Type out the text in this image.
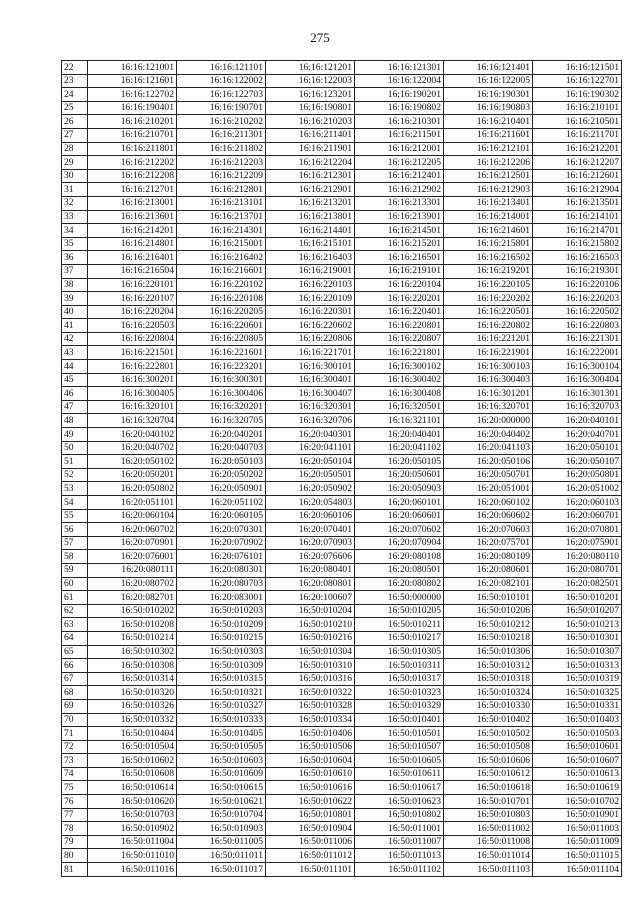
275
22	16:16:121001	16:16:121101	16:16:121201	16:16:121301	16:16:121401	16:16:121501
23	16:16:121601	16:16:122002	16:16:122003	16:16:122004	16:16:122005	16:16:122701
24	16:16:122702	16:16:122703	16:16:123201	16:16:190201	16:16:190301	16:16:190302
25	16:16:190401	16:16:190701	16:16:190801	16:16:190802	16:16:190803	16:16:210101
26	16:16:210201	16:16:210202	16:16:210203	16:16:210301	16:16:210401	16:16:210501
27	16:16:210701	16:16:211301	16:16:211401	16:16:211501	16:16:211601	16:16:211701
28	16:16:211801	16:16:211802	16:16:211901	16:16:212001	16:16:212101	16:16:212201
29	16:16:212202	16:16:212203	16:16:212204	16:16:212205	16:16:212206	16:16:212207
30	16:16:212208	16:16:212209	16:16:212301	16:16:212401	16:16:212501	16:16:212601
31	16:16:212701	16:16:212801	16:16:212901	16:16:212902	16:16:212903	16:16:212904
32	16:16:213001	16:16:213101	16:16:213201	16:16:213301	16:16:213401	16:16:213501
33	16:16:213601	16:16:213701	16:16:213801	16:16:213901	16:16:214001	16:16:214101
34	16:16:214201	16:16:214301	16:16:214401	16:16:214501	16:16:214601	16:16:214701
35	16:16:214801	16:16:215001	16:16:215101	16:16:215201	16:16:215801	16:16:215802
36	16:16:216401	16:16:216402	16:16:216403	16:16:216501	16:16:216502	16:16:216503
37	16:16:216504	16:16:216601	16:16:219001	16:16:219101	16:16:219201	16:16:219301
38	16:16:220101	16:16:220102	16:16:220103	16:16:220104	16:16:220105	16:16:220106
39	16:16:220107	16:16:220108	16:16:220109	16:16:220201	16:16:220202	16:16:220203
40	16:16:220204	16:16:220205	16:16:220301	16:16:220401	16:16:220501	16:16:220502
41	16:16:220503	16:16:220601	16:16:220602	16:16:220801	16:16:220802	16:16:220803
42	16:16:220804	16:16:220805	16:16:220806	16:16:220807	16:16:221201	16:16:221301
43	16:16:221501	16:16:221601	16:16:221701	16:16:221801	16:16:221901	16:16:222001
44	16:16:222801	16:16:223201	16:16:300101	16:16:300102	16:16:300103	16:16:300104
45	16:16:300201	16:16:300301	16:16:300401	16:16:300402	16:16:300403	16:16:300404
46	16:16:300405	16:16:300406	16:16:300407	16:16:300408	16:16:301201	16:16:301301
47	16:16:320101	16:16:320201	16:16:320301	16:16:320501	16:16:320701	16:16:320703
48	16:16:320704	16:16:320705	16:16:320706	16:16:321101	16:20:000000	16:20:040101
49	16:20:040102	16:20:040201	16:20:040301	16:20:040401	16:20:040402	16:20:040701
50	16:20:040702	16:20:040703	16:20:041101	16:20:041102	16:20:041103	16:20:050101
51	16:20:050102	16:20:050103	16:20:050104	16:20:050105	16:20:050106	16:20:050107
52	16:20:050201	16:20:050202	16:20:050501	16:20:050601	16:20:050701	16:20:050801
53	16:20:050802	16:20:050901	16:20:050902	16:20:050903	16:20:051001	16:20:051002
54	16:20:051101	16:20:051102	16:20:054803	16:20:060101	16:20:060102	16:20:060103
55	16:20:060104	16:20:060105	16:20:060106	16:20:060601	16:20:060602	16:20:060701
56	16:20:060702	16:20:070301	16:20:070401	16:20:070602	16:20:070603	16:20:070801
57	16:20:070901	16:20:070902	16:20:070903	16:20:070904	16:20:075701	16:20:075901
58	16:20:076001	16:20:076101	16:20:076606	16:20:080108	16:20:080109	16:20:080110
59	16:20:080111	16:20:080301	16:20:080401	16:20:080501	16:20:080601	16:20:080701
60	16:20:080702	16:20:080703	16:20:080801	16:20:080802	16:20:082101	16:20:082501
61	16:20:082701	16:20:083001	16:20:100607	16:50:000000	16:50:010101	16:50:010201
62	16:50:010202	16:50:010203	16:50:010204	16:50:010205	16:50:010206	16:50:010207
63	16:50:010208	16:50:010209	16:50:010210	16:50:010211	16:50:010212	16:50:010213
64	16:50:010214	16:50:010215	16:50:010216	16:50:010217	16:50:010218	16:50:010301
65	16:50:010302	16:50:010303	16:50:010304	16:50:010305	16:50:010306	16:50:010307
66	16:50:010308	16:50:010309	16:50:010310	16:50:010311	16:50:010312	16:50:010313
67	16:50:010314	16:50:010315	16:50:010316	16:50:010317	16:50:010318	16:50:010319
68	16:50:010320	16:50:010321	16:50:010322	16:50:010323	16:50:010324	16:50:010325
69	16:50:010326	16:50:010327	16:50:010328	16:50:010329	16:50:010330	16:50:010331
70	16:50:010332	16:50:010333	16:50:010334	16:50:010401	16:50:010402	16:50:010403
71	16:50:010404	16:50:010405	16:50:010406	16:50:010501	16:50:010502	16:50:010503
72	16:50:010504	16:50:010505	16:50:010506	16:50:010507	16:50:010508	16:50:010601
73	16:50:010602	16:50:010603	16:50:010604	16:50:010605	16:50:010606	16:50:010607
74	16:50:010608	16:50:010609	16:50:010610	16:50:010611	16:50:010612	16:50:010613
75	16:50:010614	16:50:010615	16:50:010616	16:50:010617	16:50:010618	16:50:010619
76	16:50:010620	16:50:010621	16:50:010622	16:50:010623	16:50:010701	16:50:010702
77	16:50:010703	16:50:010704	16:50:010801	16:50:010802	16:50:010803	16:50:010901
78	16:50:010902	16:50:010903	16:50:010904	16:50:011001	16:50:011002	16:50:011003
79	16:50:011004	16:50:011005	16:50:011006	16:50:011007	16:50:011008	16:50:011009
80	16:50:011010	16:50:011011	16:50:011012	16:50:011013	16:50:011014	16:50:011015
81	16:50:011016	16:50:011017	16:50:011101	16:50:011102	16:50:011103	16:50:011104
